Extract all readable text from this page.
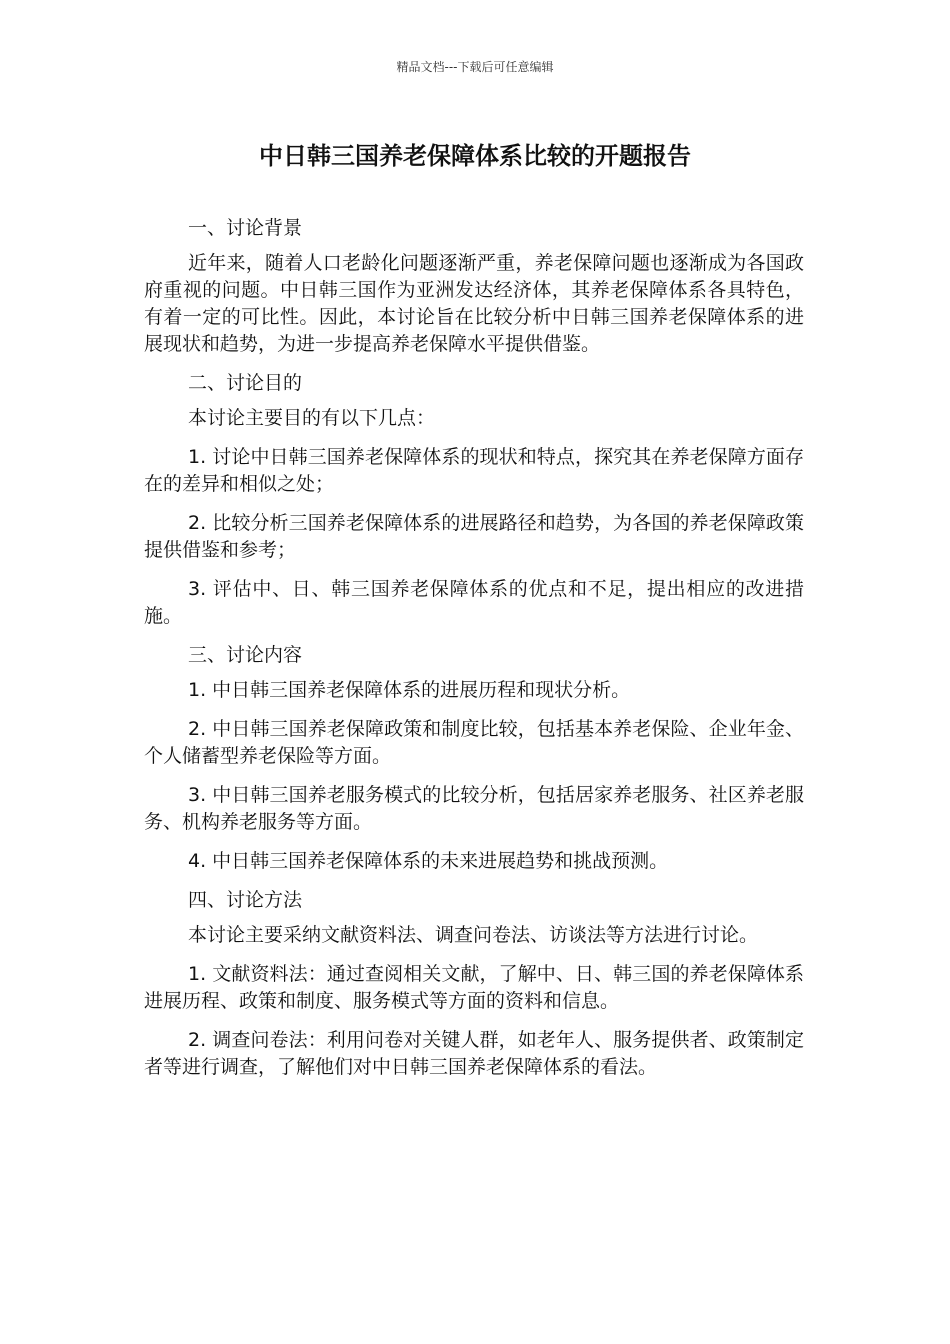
精品文档---下载后可任意编辑
中日韩三国养老保障体系比较的开题报告

一、讨论背景

近年来，随着人口老龄化问题逐渐严重，养老保障问题也逐渐成为各国政府重视的问题。中日韩三国作为亚洲发达经济体，其养老保障体系各具特色，有着一定的可比性。因此，本讨论旨在比较分析中日韩三国养老保障体系的进展现状和趋势，为进一步提高养老保障水平提供借鉴。

二、讨论目的

本讨论主要目的有以下几点：

1. 讨论中日韩三国养老保障体系的现状和特点，探究其在养老保障方面存在的差异和相似之处；

2. 比较分析三国养老保障体系的进展路径和趋势，为各国的养老保障政策提供借鉴和参考；

3. 评估中、日、韩三国养老保障体系的优点和不足，提出相应的改进措施。

三、讨论内容

1. 中日韩三国养老保障体系的进展历程和现状分析。

2. 中日韩三国养老保障政策和制度比较，包括基本养老保险、企业年金、个人储蓄型养老保险等方面。

3. 中日韩三国养老服务模式的比较分析，包括居家养老服务、社区养老服务、机构养老服务等方面。

4. 中日韩三国养老保障体系的未来进展趋势和挑战预测。

四、讨论方法

本讨论主要采纳文献资料法、调查问卷法、访谈法等方法进行讨论。

1. 文献资料法：通过查阅相关文献，了解中、日、韩三国的养老保障体系进展历程、政策和制度、服务模式等方面的资料和信息。

2. 调查问卷法：利用问卷对关键人群，如老年人、服务提供者、政策制定者等进行调查，了解他们对中日韩三国养老保障体系的看法。
